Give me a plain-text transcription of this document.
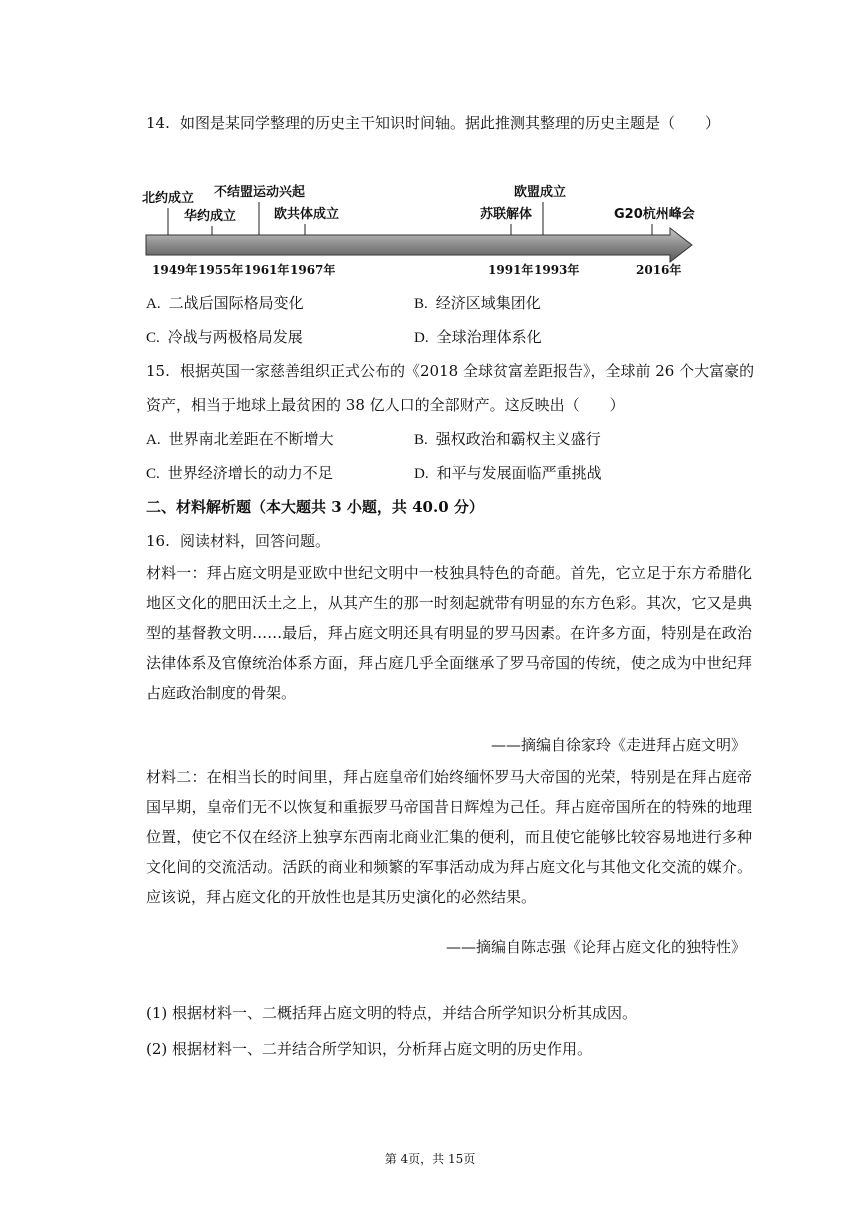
14. 如图是某同学整理的历史主干知识时间轴。据此推测其整理的历史主题是（　　）
北约成立
1949年
华约成立
1955年
不结盟运动兴起
1961年
欧共体成立
1967年
苏联解体
1991年
欧盟成立
1993年
G20杭州峰会
2016年
A. 二战后国际格局变化	B. 经济区域集团化
C. 冷战与两极格局发展	D. 全球治理体系化
15. 根据英国一家慈善组织正式公布的《2018 全球贫富差距报告》，全球前 26 个大富豪的
资产，相当于地球上最贫困的 38 亿人口的全部财产。这反映出（　　）
A. 世界南北差距在不断增大	B. 强权政治和霸权主义盛行
C. 世界经济增长的动力不足	D. 和平与发展面临严重挑战
二、材料解析题（本大题共 3 小题，共 40.0 分）
16. 阅读材料，回答问题。
材料一：拜占庭文明是亚欧中世纪文明中一枝独具特色的奇葩。首先，它立足于东方希腊化地区文化的肥田沃土之上，从其产生的那一时刻起就带有明显的东方色彩。其次，它又是典型的基督教文明……最后，拜占庭文明还具有明显的罗马因素。在许多方面，特别是在政治法律体系及官僚统治体系方面，拜占庭几乎全面继承了罗马帝国的传统，使之成为中世纪拜占庭政治制度的骨架。
——摘编自徐家玲《走进拜占庭文明》
材料二：在相当长的时间里，拜占庭皇帝们始终缅怀罗马大帝国的光荣，特别是在拜占庭帝国早期，皇帝们无不以恢复和重振罗马帝国昔日辉煌为己任。拜占庭帝国所在的特殊的地理位置，使它不仅在经济上独享东西南北商业汇集的便利，而且使它能够比较容易地进行多种文化间的交流活动。活跃的商业和频繁的军事活动成为拜占庭文化与其他文化交流的媒介。应该说，拜占庭文化的开放性也是其历史演化的必然结果。
——摘编自陈志强《论拜占庭文化的独特性》
(1) 根据材料一、二概括拜占庭文明的特点，并结合所学知识分析其成因。
(2) 根据材料一、二并结合所学知识，分析拜占庭文明的历史作用。
第 4页，共 15页
